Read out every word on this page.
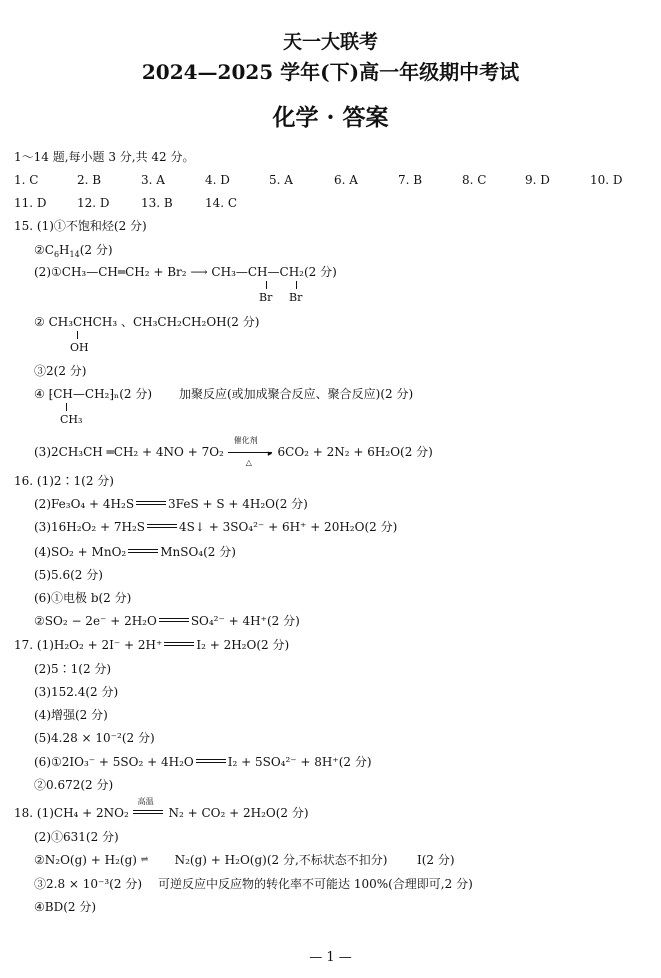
天一大联考
2024—2025 学年(下)高一年级期中考试
化学 · 答案
1～14 题,每小题 3 分,共 42 分。
1. C	2. B	3. A	4. D	5. A	6. A	7. B	8. C	9. D	10. D
11. D	12. D	13. B	14. C
15. (1)①不饱和烃(2 分)
$②C_6H_{14}(2$ 分)
(2)①CH₃—CH═CH₂ + Br₂ ⟶ CH₃—CH—CH₂(2 分)
Br Br
② CH₃CHCH₃ 、CH₃CH₂CH₂OH(2 分)
OH
③2(2 分)
④ ⁅CH—CH₂⁆ₙ(2 分) 加聚反应(或加成聚合反应、聚合反应)(2 分)
CH₃
(3)2CH₃CH ═CH₂ + 4NO + 7O₂
催化剂
▸
△
6CO₂ + 2N₂ + 6H₂O(2 分)
16. (1)2∶1(2 分)
(2)Fe₃O₄ + 4H₂S	3FeS + S + 4H₂O(2 分)
(3)16H₂O₂ + 7H₂S	4S↓ + 3SO₄²⁻ + 6H⁺ + 20H₂O(2 分)
(4)SO₂ + MnO₂	MnSO₄(2 分)
(5)5.6(2 分)
(6)①电极 b(2 分)
②SO₂ − 2e⁻ + 2H₂O	SO₄²⁻ + 4H⁺(2 分)
17. (1)H₂O₂ + 2I⁻ + 2H⁺	I₂ + 2H₂O(2 分)
(2)5∶1(2 分)
(3)152.4(2 分)
(4)增强(2 分)
(5)4.28 × 10⁻²(2 分)
(6)①2IO₃⁻ + 5SO₂ + 4H₂O	I₂ + 5SO₄²⁻ + 8H⁺(2 分)
②0.672(2 分)
18. (1)CH₄ + 2NO₂
高温
N₂ + CO₂ + 2H₂O(2 分)
(2)①631(2 分)
②N₂O(g) + H₂(g) ⇌ N₂(g) + H₂O(g)(2 分,不标状态不扣分) Ⅰ(2 分)
③2.8 × 10⁻³(2 分) 可逆反应中反应物的转化率不可能达 100%(合理即可,2 分)
④BD(2 分)
— 1 —
